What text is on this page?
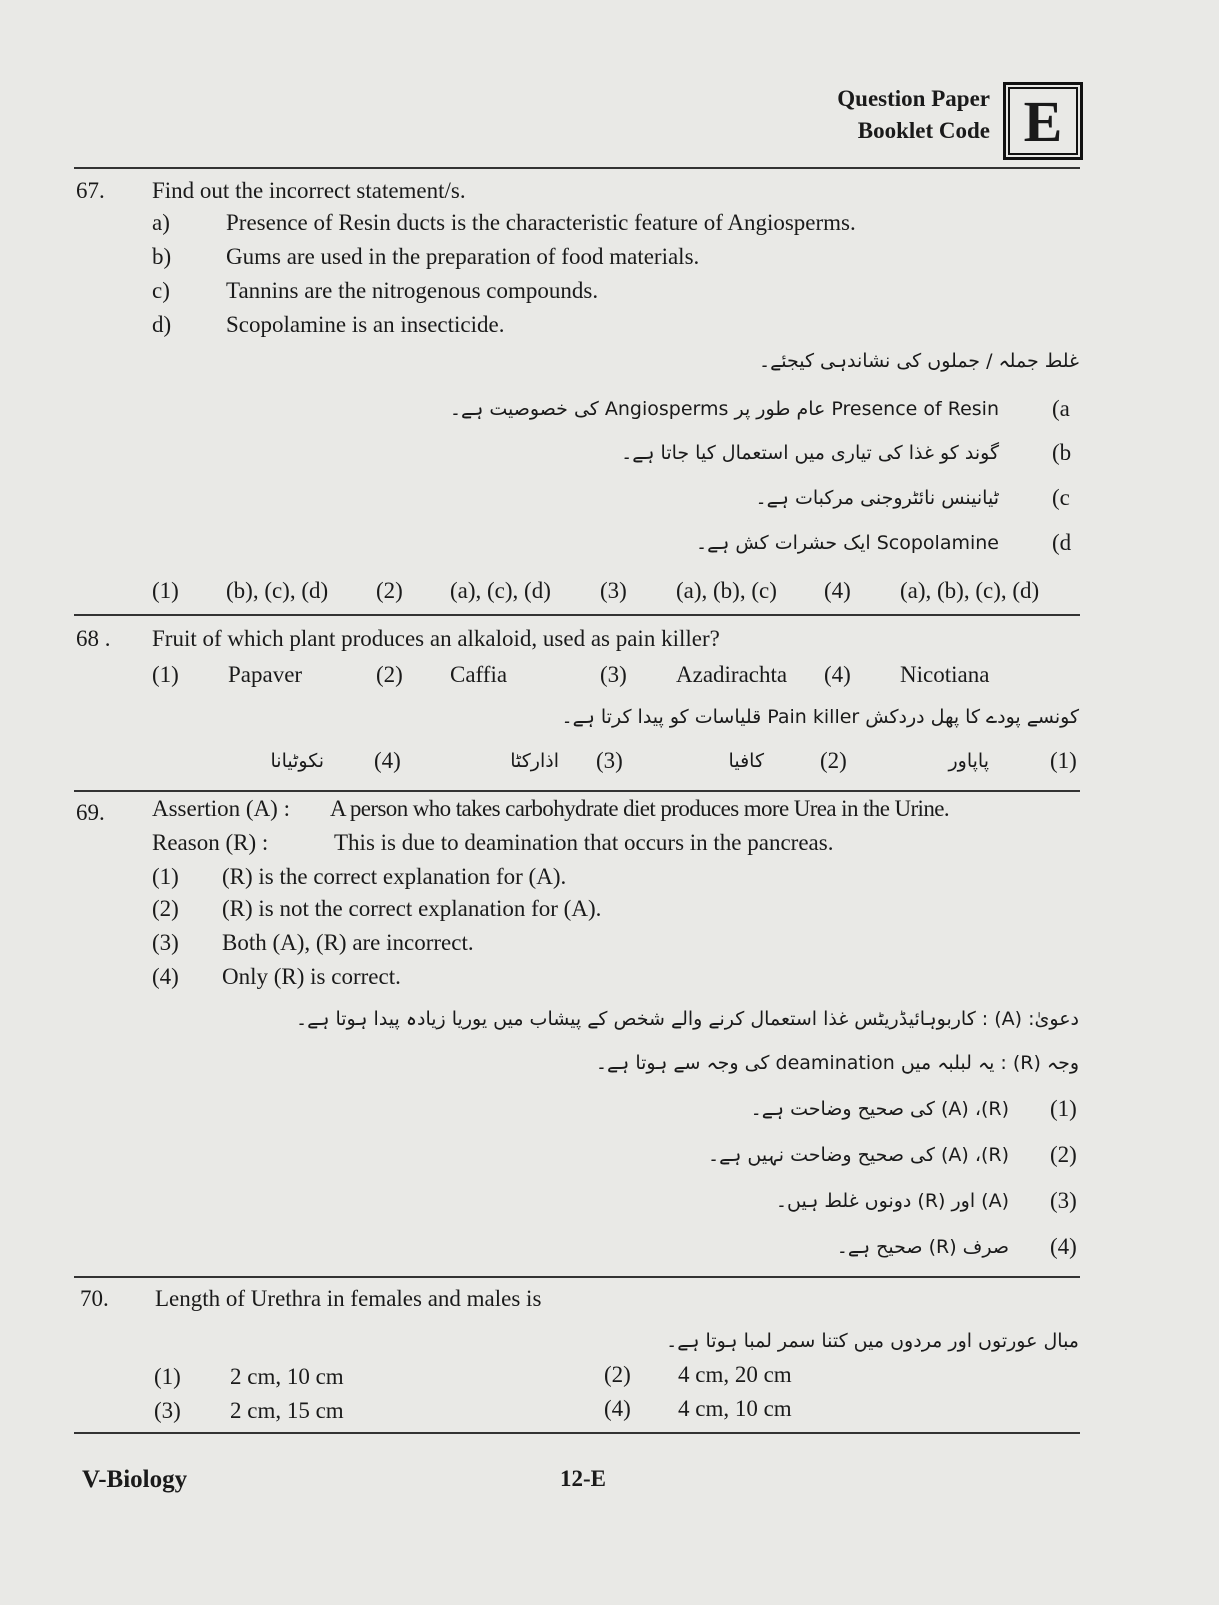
Question Paper
Booklet Code E
67. Find out the incorrect statement/s.
a) Presence of Resin ducts is the characteristic feature of Angiosperms.
b) Gums are used in the preparation of food materials.
c) Tannins are the nitrogenous compounds.
d) Scopolamine is an insecticide.
غلط جملہ / جملوں کی نشاندہی کیجئے۔
(a
Presence of Resin عام طور پر Angiosperms کی خصوصیت ہے۔
(b
گوند کو غذا کی تیاری میں استعمال کیا جاتا ہے۔
(c
ٹیانینس نائٹروجنی مرکبات ہے۔
(d
Scopolamine ایک حشرات کش ہے۔
(1) (b), (c), (d) (2) (a), (c), (d) (3) (a), (b), (c) (4) (a), (b), (c), (d)
68 . Fruit of which plant produces an alkaloid, used as pain killer?
(1) Papaver	(2) Caffia	(3) Azadirachta (4) Nicotiana
کونسے پودے کا پھل دردکش Pain killer قلیاسات کو پیدا کرتا ہے۔
(1)
پاپاور
(2)
کافیا
(3)
اذارکٹا
(4)
نکوٹیانا
69. Assertion (A) : A person who takes carbohydrate diet produces more Urea in the Urine.
Reason (R) :	This is due to deamination that occurs in the pancreas.
(1) (R) is the correct explanation for (A).
(2) (R) is not the correct explanation for (A).
(3) Both (A), (R) are incorrect.
(4) Only (R) is correct.
دعویٰ: (A) : کاربوہائیڈریٹس غذا استعمال کرنے والے شخص کے پیشاب میں یوریا زیادہ پیدا ہوتا ہے۔
وجہ (R) : یہ لبلبہ میں deamination کی وجہ سے ہوتا ہے۔
(1)
(R)، (A) کی صحیح وضاحت ہے۔
(2)
(R)، (A) کی صحیح وضاحت نہیں ہے۔
(3)
(A) اور (R) دونوں غلط ہیں۔
(4)
صرف (R) صحیح ہے۔
70. Length of Urethra in females and males is
مبال عورتوں اور مردوں میں کتنا سمر لمبا ہوتا ہے۔
(1) 2 cm, 10 cm	(2) 4 cm, 20 cm
(3) 2 cm, 15 cm	(4) 4 cm, 10 cm
V-Biology	12-E
